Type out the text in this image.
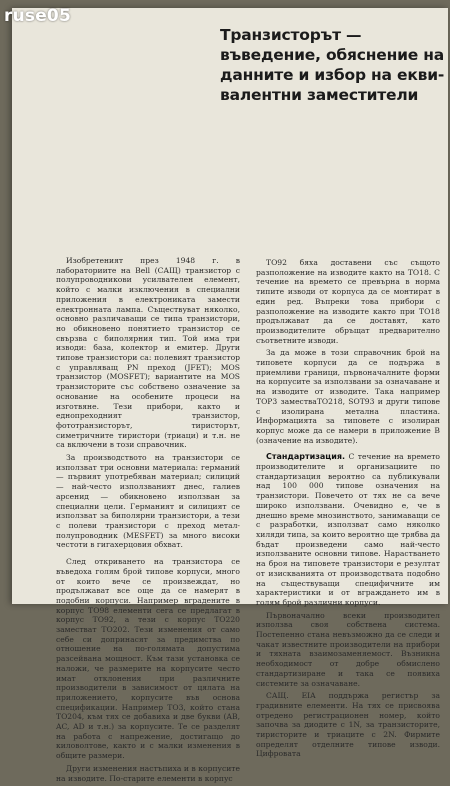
Транзисторът —
въведение, обяснение на
данните и избор на екви-
валентни заместители

Изобретеният през 1948 г. в лабораториите на Bell (САЩ) транзистор с полупроводникови усилвателен елемент, който с малки изключения в специални приложения в електрониката замести електронната лампа. Съществуват няколко, основно различаващи се типа транзистори, но обикновено понятието транзистор се свързва с биполярния тип. Той има три изводи: база, колектор и емитер. Други типове транзистори са: полевият транзистор с управляващ PN преход (JFET); MOS транзистор (MOSFET); вариантите на MOS транзисторите със собствено означение за основание на особените процеси на изготвяне. Тези прибори, както и еднопреходният транзистор, фототранзисторът, тиристорът, симетричните тиристори (триаци) и т.н. не са включени в този справочник.

За производството на транзистори се използват три основни материала: германий — първият употребяван материал; силиций — най-често използваният днес, галиев арсенид — обикновено използван за специални цели. Германият и силицият се използват за биполярни транзистори, а тези с полеви транзистори с преход метал-полупроводник (MESFET) за много високи честоти в гигахерцовия обхват.

След откриването на транзистора се въведоха голям брой типове корпуси, много от които вече се произвеждат, но продължават все още да се намерят в подобни корпуси. Например вградените в корпус ТО98 елементи сега се предлагат в корпус ТО92, а тези с корпус ТО220 заместват ТО202. Тези изменения от само себе си допринасят за предимства по отношение на по-голямата допустима разсейвана мощност. Към тази установка се наложи, че размерите на корпусите често имат отклонения при различните производители в зависимост от цялата на приложението, корпусите във основа спецификации. Например ТО3, който стана ТО204, към тях се добавиха и две букви (AB, AC, AD и т.н.) за корпусите. Те се разделят на работа с напрежение, достигащо до киловолтове, както и с малки изменения в общите размери.

Други изменения настъпиха и в корпусите на изводите. По-старите елементи в корпус

ТО92 бяха доставени със същото разположение на изводите както на ТО18. С течение на времето се превърна в норма типите изводи от корпуса да се монтират в един ред. Въпреки това прибори с разположение на изводите както при ТО18 продължават да се доставят, като производителите обръщат предварително съответните изводи.

За да може в този справочник брой на типовете корпуси да се подържа в приемливи граници, първоначалните форми на корпусите за използвани за означаване и на изводите от изводите. Така например ТОР3 заместваТО218, SOT93 и други типове с изолирана метална пластина. Информацията за типовете с изолиран корпус може да се намери в приложение В (означение на изводите).

Стандартизация. С течение на времето производителите и организациите по стандартизация вероятно са публикували над 100 000 типове означения на транзистори. Повечето от тях не са вече широко използвани. Очевидно е, че в днешно време мнозинството, занимаващи се с разработки, използват само няколко хиляди типа, за които вероятно ще трябва да бъдат произведени само най-често използваните основни типове. Нарастването на броя на типовете транзистори е резултат от изискванията от производствата подобно на съществуващи специфичните им характеристики и от вграждането им в голям брой различни корпуси.

Първоначално всеки производител използва своя собствена система. Постепенно стана невъзможно да се следи и чакат известните производители на прибори и тяхната взаимозаменяемост. Възникна необходимост от добре обмислено стандартизиране и така се появиха системите за означаване.

САЩ. EIA поддържа регистър за градивните елементи. На тях се присвоява отредено регистрационен номер, който започва за диодите с 1N, за транзисторите, тиристорите и триаците с 2N. Фирмите определят отделните типове изводи. Цифровата

ruse05
